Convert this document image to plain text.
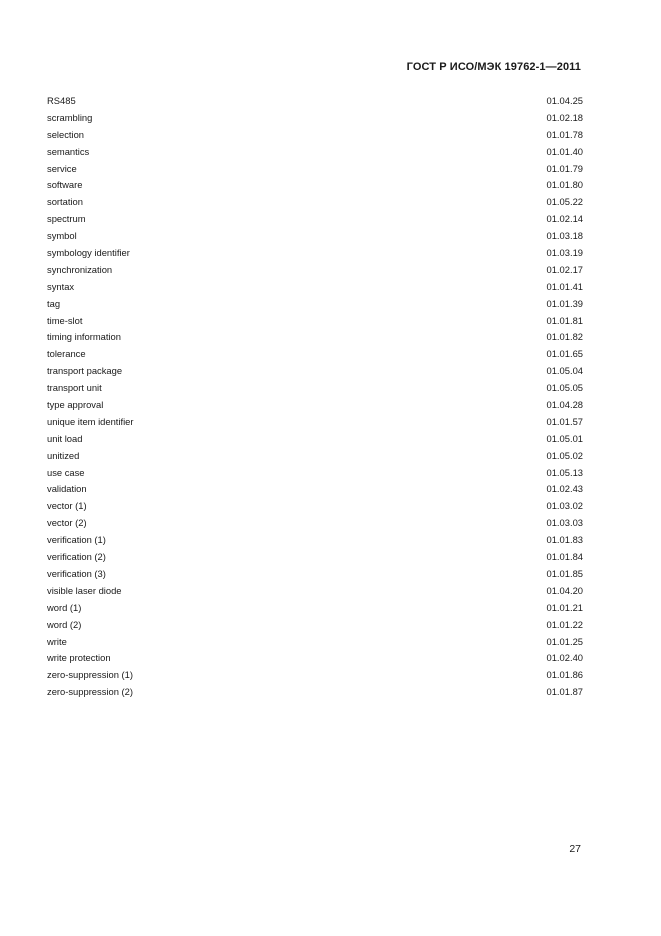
ГОСТ Р ИСО/МЭК 19762-1—2011
RS485	01.04.25
scrambling	01.02.18
selection	01.01.78
semantics	01.01.40
service	01.01.79
software	01.01.80
sortation	01.05.22
spectrum	01.02.14
symbol	01.03.18
symbology identifier	01.03.19
synchronization	01.02.17
syntax	01.01.41
tag	01.01.39
time-slot	01.01.81
timing information	01.01.82
tolerance	01.01.65
transport package	01.05.04
transport unit	01.05.05
type approval	01.04.28
unique item identifier	01.01.57
unit load	01.05.01
unitized	01.05.02
use case	01.05.13
validation	01.02.43
vector (1)	01.03.02
vector (2)	01.03.03
verification (1)	01.01.83
verification (2)	01.01.84
verification (3)	01.01.85
visible laser diode	01.04.20
word (1)	01.01.21
word (2)	01.01.22
write	01.01.25
write protection	01.02.40
zero-suppression (1)	01.01.86
zero-suppression (2)	01.01.87
27
